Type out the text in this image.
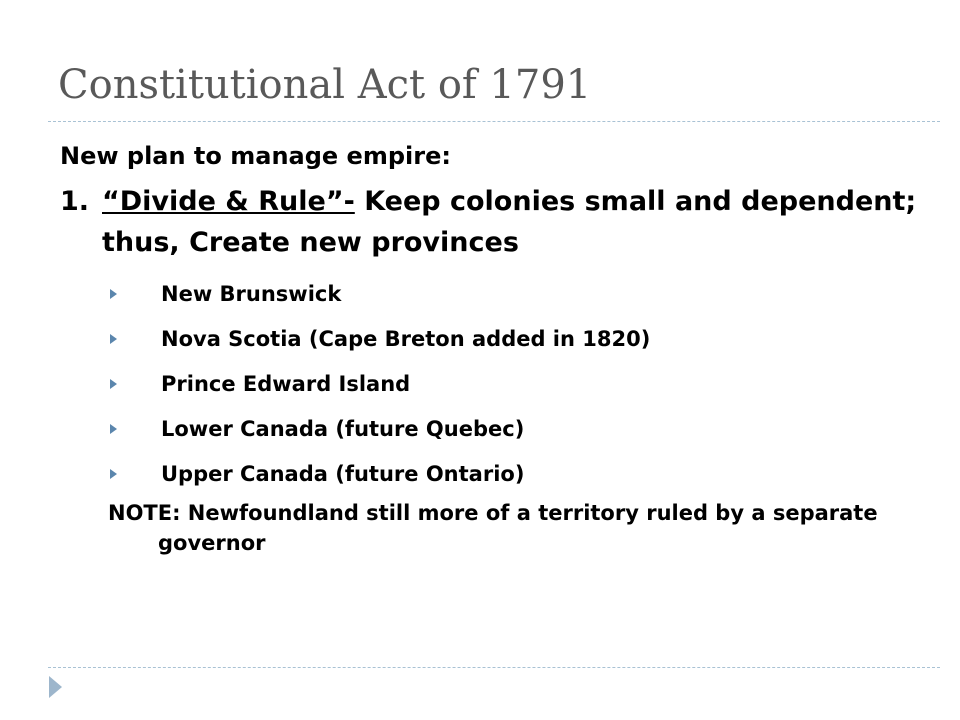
Constitutional Act of 1791

New plan to manage empire:

1. “Divide & Rule”- Keep colonies small and dependent; thus, Create new provinces
New Brunswick
Nova Scotia (Cape Breton added in 1820)
Prince Edward Island
Lower Canada (future Quebec)
Upper Canada (future Ontario)

NOTE: Newfoundland still more of a territory ruled by a separate governor
